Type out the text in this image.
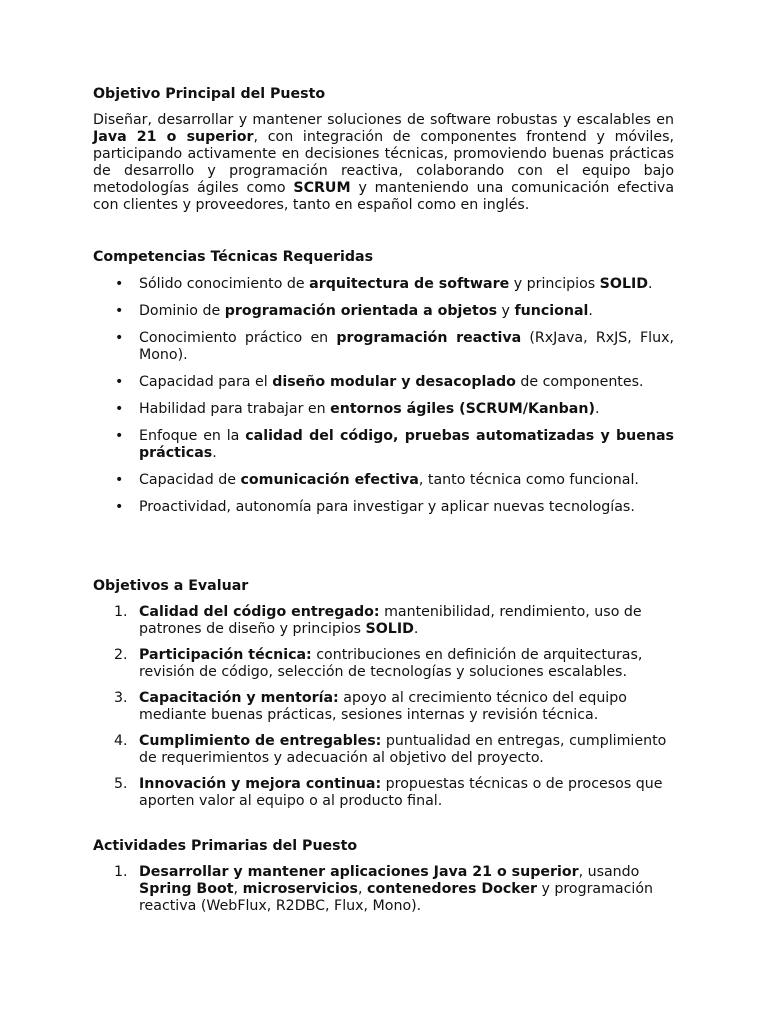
Objetivo Principal del Puesto

Diseñar, desarrollar y mantener soluciones de software robustas y escalables en Java 21 o superior, con integración de componentes frontend y móviles, participando activamente en decisiones técnicas, promoviendo buenas prácticas de desarrollo y programación reactiva, colaborando con el equipo bajo metodologías ágiles como SCRUM y manteniendo una comunicación efectiva con clientes y proveedores, tanto en español como en inglés.

Competencias Técnicas Requeridas
• Sólido conocimiento de arquitectura de software y principios SOLID.
• Dominio de programación orientada a objetos y funcional.
• Conocimiento práctico en programación reactiva (RxJava, RxJS, Flux, Mono).
• Capacidad para el diseño modular y desacoplado de componentes.
• Habilidad para trabajar en entornos ágiles (SCRUM/Kanban).
• Enfoque en la calidad del código, pruebas automatizadas y buenas prácticas.
• Capacidad de comunicación efectiva, tanto técnica como funcional.
• Proactividad, autonomía para investigar y aplicar nuevas tecnologías.
Objetivos a Evaluar
1. Calidad del código entregado: mantenibilidad, rendimiento, uso de patrones de diseño y principios SOLID.
2. Participación técnica: contribuciones en definición de arquitecturas, revisión de código, selección de tecnologías y soluciones escalables.
3. Capacitación y mentoría: apoyo al crecimiento técnico del equipo mediante buenas prácticas, sesiones internas y revisión técnica.
4. Cumplimiento de entregables: puntualidad en entregas, cumplimiento de requerimientos y adecuación al objetivo del proyecto.
5. Innovación y mejora continua: propuestas técnicas o de procesos que aporten valor al equipo o al producto final.
Actividades Primarias del Puesto
1. Desarrollar y mantener aplicaciones Java 21 o superior, usando Spring Boot, microservicios, contenedores Docker y programación reactiva (WebFlux, R2DBC, Flux, Mono).
